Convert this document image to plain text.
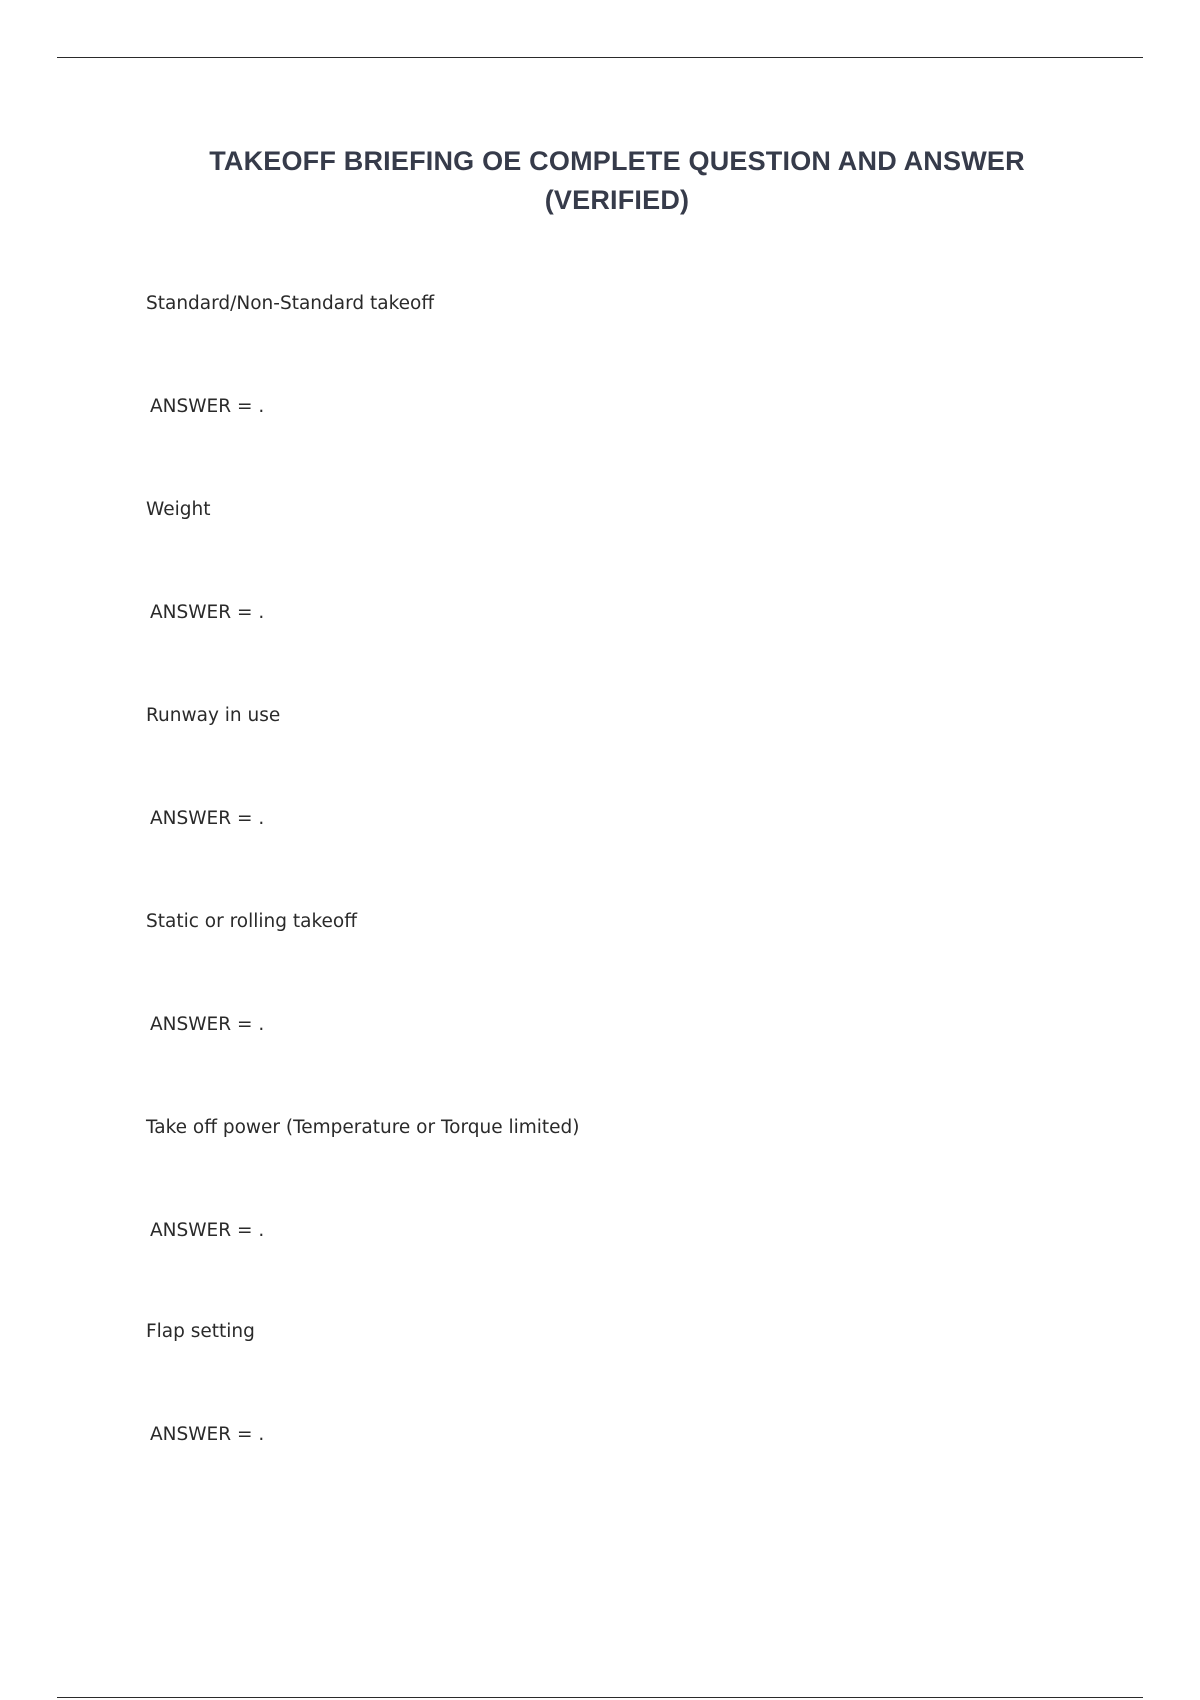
TAKEOFF BRIEFING OE COMPLETE QUESTION AND ANSWER
(VERIFIED)
Standard/Non-Standard takeoff
ANSWER = .
Weight
ANSWER = .
Runway in use
ANSWER = .
Static or rolling takeoff
ANSWER = .
Take off power (Temperature or Torque limited)
ANSWER = .
Flap setting
ANSWER = .
